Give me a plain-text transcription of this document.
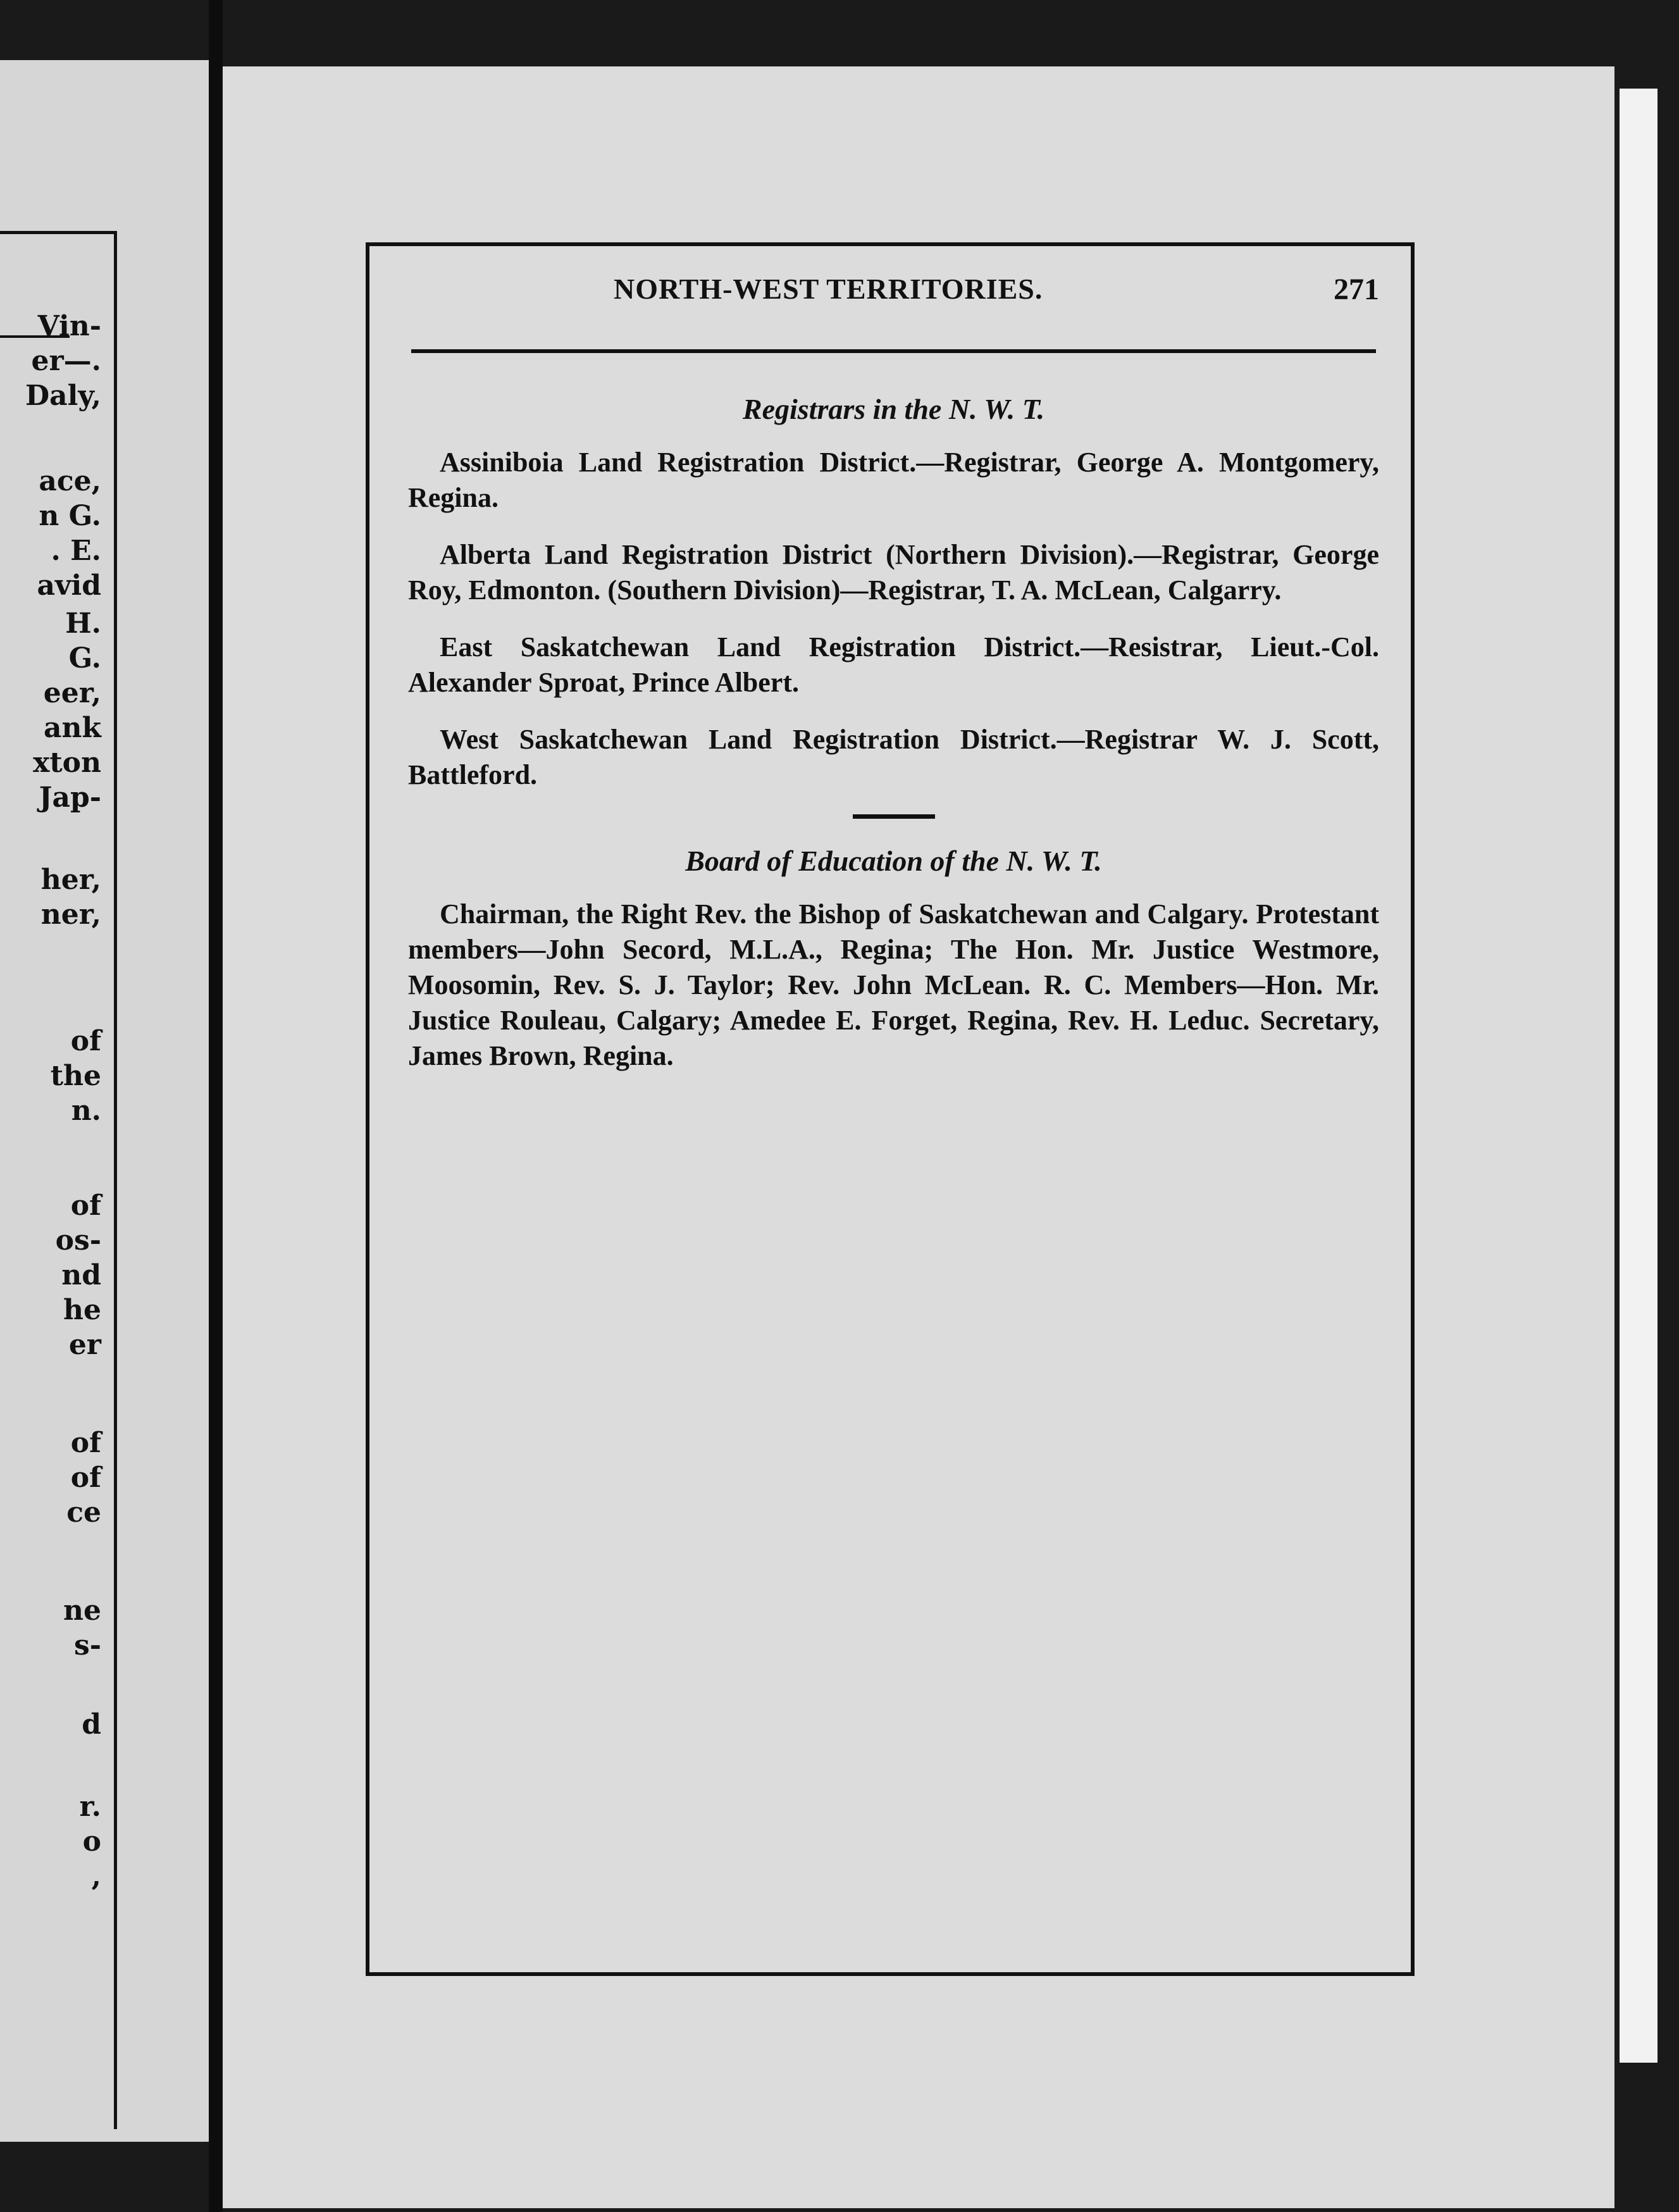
Vin-
er—.
Daly,
ace,
n G.
. E.
avid
H.
G.
eer,
ank
xton
Jap-
her,
ner,
of
the
n.
of
os-
nd
he
er
of
of
ce
ne
s-
d
r.
o
,
NORTH-WEST TERRITORIES.	271
Registrars in the N. W. T.

Assiniboia Land Registration District.—Registrar, George A. Montgomery, Regina.

Alberta Land Registration District (Northern Division).—Registrar, George Roy, Edmonton. (Southern Division)—Registrar, T. A. McLean, Calgarry.

East Saskatchewan Land Registration District.—Resistrar, Lieut.-Col. Alexander Sproat, Prince Albert.

West Saskatchewan Land Registration District.—Registrar W. J. Scott, Battleford.

Board of Education of the N. W. T.

Chairman, the Right Rev. the Bishop of Saskatchewan and Calgary. Protestant members—John Secord, M.L.A., Regina; The Hon. Mr. Justice Westmore, Moosomin, Rev. S. J. Taylor; Rev. John McLean. R. C. Members—Hon. Mr. Justice Rouleau, Calgary; Amedee E. Forget, Regina, Rev. H. Leduc. Secretary, James Brown, Regina.
